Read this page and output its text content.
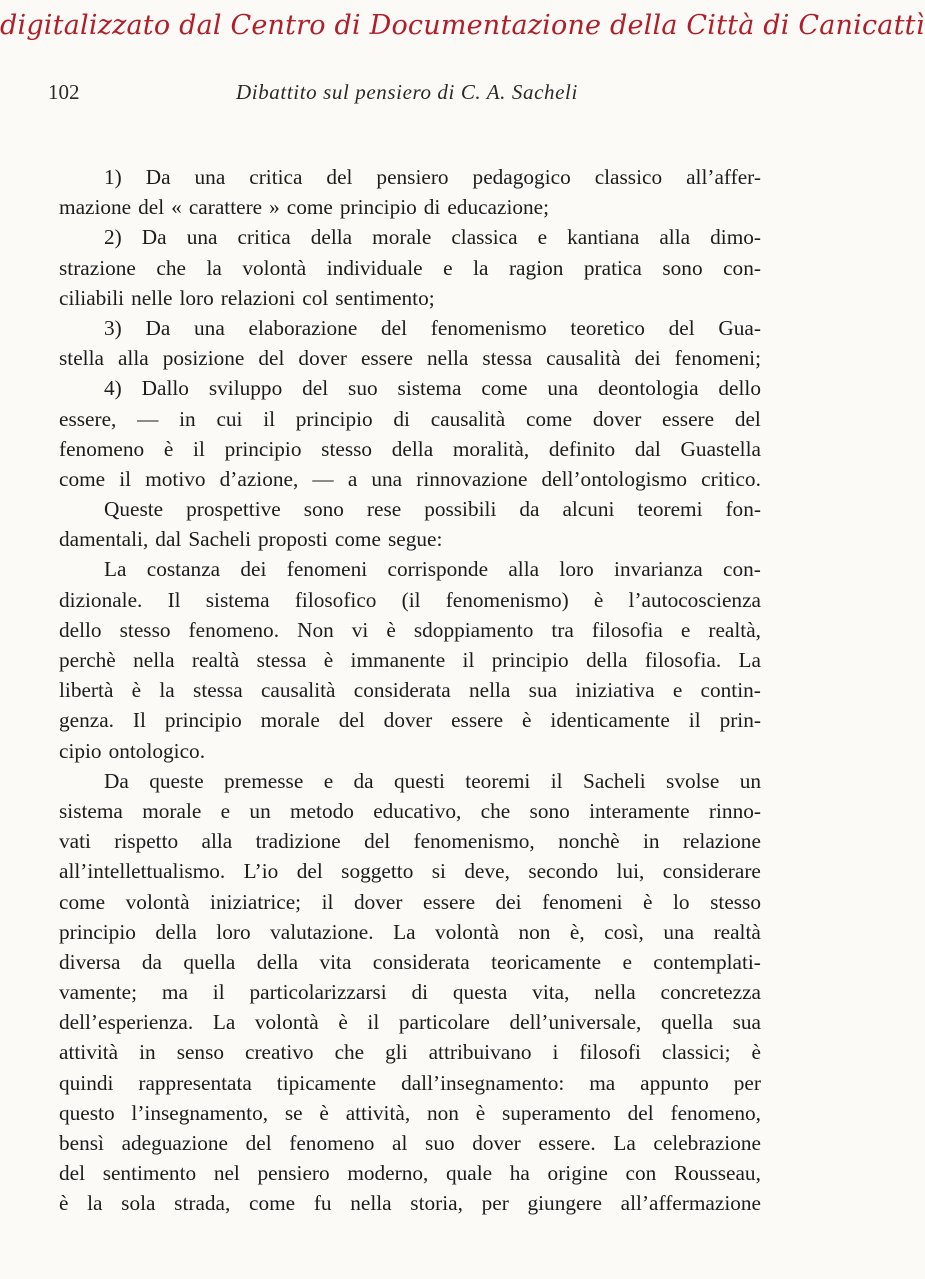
digitalizzato dal Centro di Documentazione della Città di Canicattì
102	Dibattito sul pensiero di C. A. Sacheli
1) Da una critica del pensiero pedagogico classico all’affer-
mazione del « carattere » come principio di educazione;
2) Da una critica della morale classica e kantiana alla dimo-
strazione che la volontà individuale e la ragion pratica sono con-
ciliabili nelle loro relazioni col sentimento;
3) Da una elaborazione del fenomenismo teoretico del Gua-
stella alla posizione del dover essere nella stessa causalità dei fenomeni;
4) Dallo sviluppo del suo sistema come una deontologia dello
essere, — in cui il principio di causalità come dover essere del
fenomeno è il principio stesso della moralità, definito dal Guastella
come il motivo d’azione, — a una rinnovazione dell’ontologismo critico.
Queste prospettive sono rese possibili da alcuni teoremi fon-
damentali, dal Sacheli proposti come segue:
La costanza dei fenomeni corrisponde alla loro invarianza con-
dizionale. Il sistema filosofico (il fenomenismo) è l’autocoscienza
dello stesso fenomeno. Non vi è sdoppiamento tra filosofia e realtà,
perchè nella realtà stessa è immanente il principio della filosofia. La
libertà è la stessa causalità considerata nella sua iniziativa e contin-
genza. Il principio morale del dover essere è identicamente il prin-
cipio ontologico.
Da queste premesse e da questi teoremi il Sacheli svolse un
sistema morale e un metodo educativo, che sono interamente rinno-
vati rispetto alla tradizione del fenomenismo, nonchè in relazione
all’intellettualismo. L’io del soggetto si deve, secondo lui, considerare
come volontà iniziatrice; il dover essere dei fenomeni è lo stesso
principio della loro valutazione. La volontà non è, così, una realtà
diversa da quella della vita considerata teoricamente e contemplati-
vamente; ma il particolarizzarsi di questa vita, nella concretezza
dell’esperienza. La volontà è il particolare dell’universale, quella sua
attività in senso creativo che gli attribuivano i filosofi classici; è
quindi rappresentata tipicamente dall’insegnamento: ma appunto per
questo l’insegnamento, se è attività, non è superamento del fenomeno,
bensì adeguazione del fenomeno al suo dover essere. La celebrazione
del sentimento nel pensiero moderno, quale ha origine con Rousseau,
è la sola strada, come fu nella storia, per giungere all’affermazione
